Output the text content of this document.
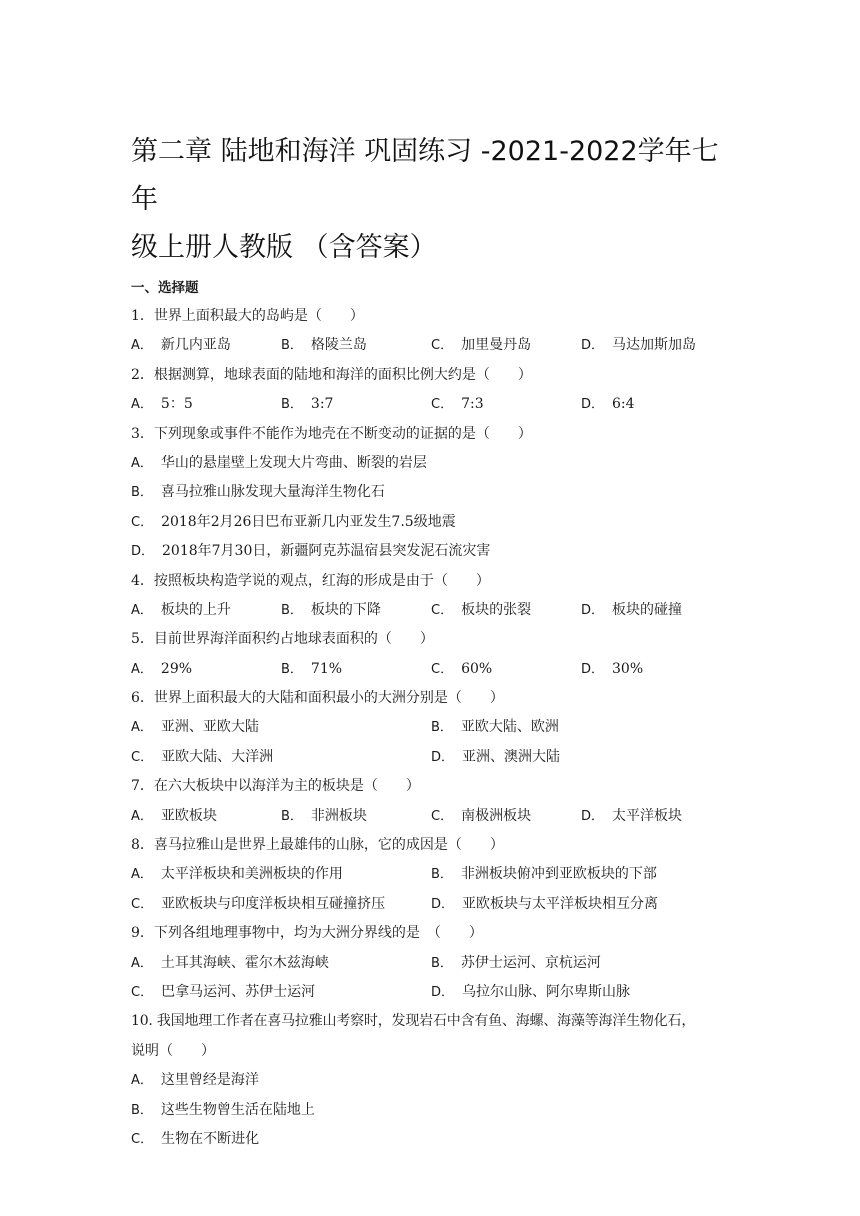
第二章 陆地和海洋 巩固练习 -2021-2022学年七年
级上册人教版 （含答案）
一、选择题
1．世界上面积最大的岛屿是（　　）
A． 新几内亚岛	B． 格陵兰岛	C． 加里曼丹岛	D． 马达加斯加岛
2．根据测算，地球表面的陆地和海洋的面积比例大约是（　　）
A． 5：5	B． 3:7	C． 7:3	D． 6:4
3．下列现象或事件不能作为地壳在不断变动的证据的是（　　）
A． 华山的悬崖壁上发现大片弯曲、断裂的岩层
B． 喜马拉雅山脉发现大量海洋生物化石
C． 2018年2月26日巴布亚新几内亚发生7.5级地震
D． 2018年7月30日，新疆阿克苏温宿县突发泥石流灾害
4．按照板块构造学说的观点，红海的形成是由于（　　）
A． 板块的上升	B． 板块的下降	C． 板块的张裂	D． 板块的碰撞
5．目前世界海洋面积约占地球表面积的（　　）
A． 29%	B． 71%	C． 60%	D． 30%
6．世界上面积最大的大陆和面积最小的大洲分别是（　　）
A． 亚洲、亚欧大陆	B． 亚欧大陆、欧洲
C． 亚欧大陆、大洋洲	D． 亚洲、澳洲大陆
7．在六大板块中以海洋为主的板块是（　　）
A． 亚欧板块	B． 非洲板块	C． 南极洲板块	D． 太平洋板块
8．喜马拉雅山是世界上最雄伟的山脉，它的成因是（　　）
A． 太平洋板块和美洲板块的作用	B． 非洲板块俯冲到亚欧板块的下部
C． 亚欧板块与印度洋板块相互碰撞挤压	D． 亚欧板块与太平洋板块相互分离
9．下列各组地理事物中，均为大洲分界线的是　（　　）
A． 土耳其海峡、霍尔木兹海峡	B． 苏伊士运河、京杭运河
C． 巴拿马运河、苏伊士运河	D． 乌拉尔山脉、阿尔卑斯山脉
10. 我国地理工作者在喜马拉雅山考察时，发现岩石中含有鱼、海螺、海藻等海洋生物化石，
说明（　　）
A． 这里曾经是海洋
B． 这些生物曾生活在陆地上
C． 生物在不断进化
